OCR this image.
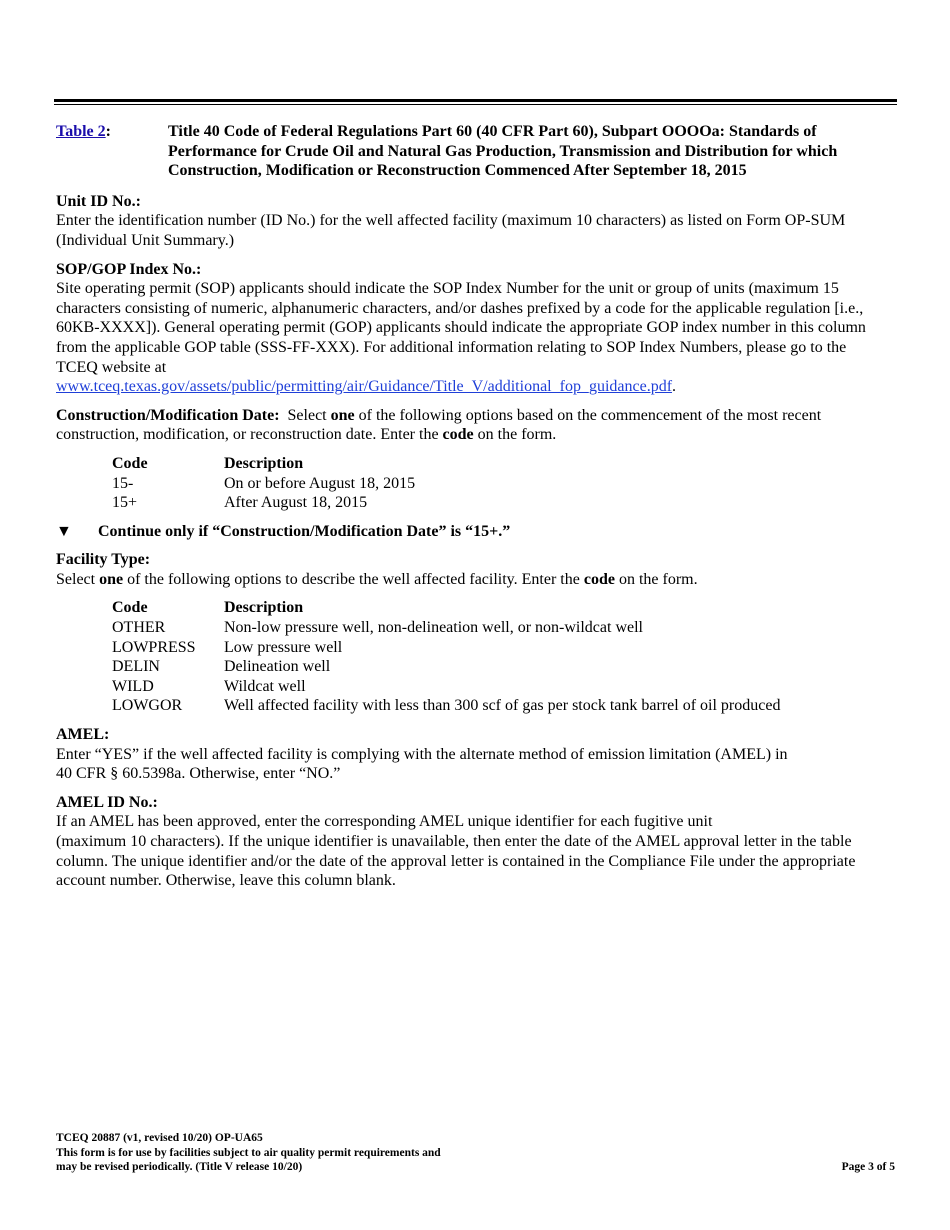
Table 2:	Title 40 Code of Federal Regulations Part 60 (40 CFR Part 60), Subpart OOOOa: Standards of Performance for Crude Oil and Natural Gas Production, Transmission and Distribution for which Construction, Modification or Reconstruction Commenced After September 18, 2015
Unit ID No.:
Enter the identification number (ID No.) for the well affected facility (maximum 10 characters) as listed on Form OP-SUM (Individual Unit Summary.)
SOP/GOP Index No.:
Site operating permit (SOP) applicants should indicate the SOP Index Number for the unit or group of units (maximum 15 characters consisting of numeric, alphanumeric characters, and/or dashes prefixed by a code for the applicable regulation [i.e., 60KB-XXXX]). General operating permit (GOP) applicants should indicate the appropriate GOP index number in this column from the applicable GOP table (SSS-FF-XXX). For additional information relating to SOP Index Numbers, please go to the TCEQ website at
www.tceq.texas.gov/assets/public/permitting/air/Guidance/Title_V/additional_fop_guidance.pdf.
Construction/Modification Date:  Select one of the following options based on the commencement of the most recent construction, modification, or reconstruction date. Enter the code on the form.
Code	Description
15-	On or before August 18, 2015
15+	After August 18, 2015
▼	Continue only if “Construction/Modification Date” is “15+.”
Facility Type:
Select one of the following options to describe the well affected facility. Enter the code on the form.
Code	Description
OTHER	Non-low pressure well, non-delineation well, or non-wildcat well
LOWPRESS	Low pressure well
DELIN	Delineation well
WILD	Wildcat well
LOWGOR	Well affected facility with less than 300 scf of gas per stock tank barrel of oil produced
AMEL:
Enter “YES” if the well affected facility is complying with the alternate method of emission limitation (AMEL) in
40 CFR § 60.5398a. Otherwise, enter “NO.”
AMEL ID No.:
If an AMEL has been approved, enter the corresponding AMEL unique identifier for each fugitive unit
(maximum 10 characters). If the unique identifier is unavailable, then enter the date of the AMEL approval letter in the table column. The unique identifier and/or the date of the approval letter is contained in the Compliance File under the appropriate account number. Otherwise, leave this column blank.
TCEQ 20887 (v1, revised 10/20) OP-UA65
This form is for use by facilities subject to air quality permit requirements and
may be revised periodically. (Title V release 10/20)	Page 3 of 5
